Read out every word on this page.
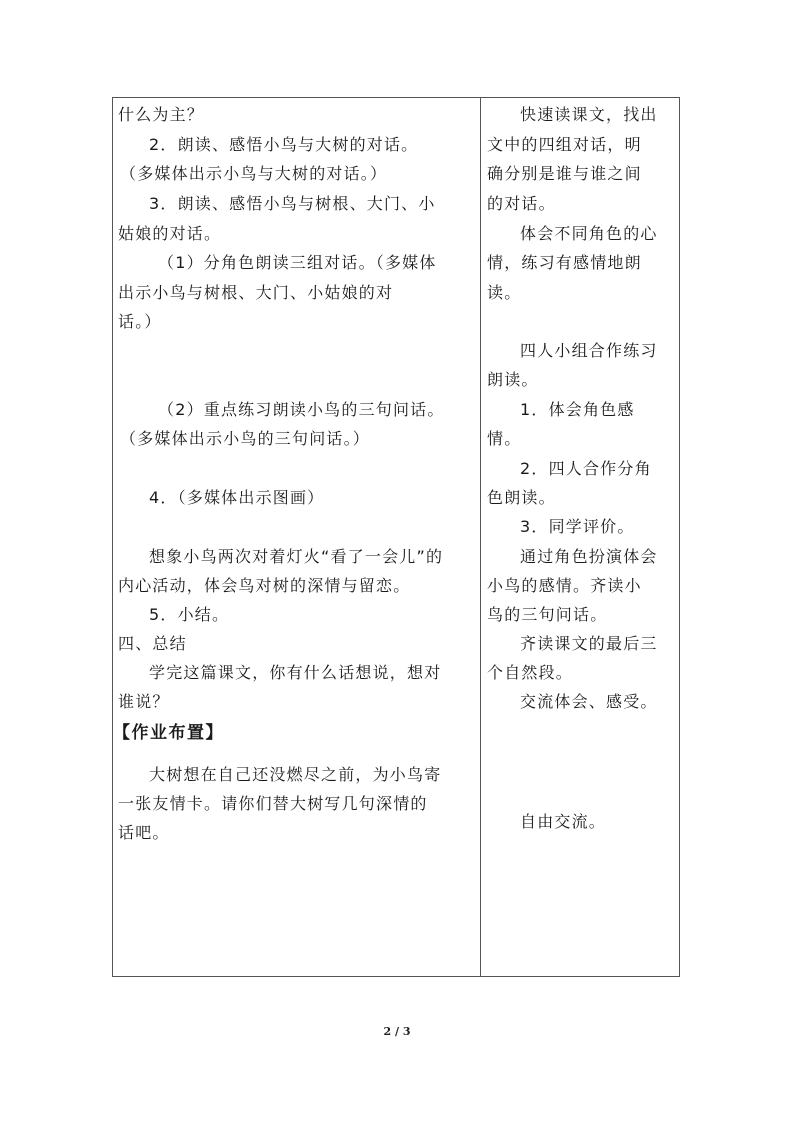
什么为主？
2．朗读、感悟小鸟与大树的对话。
（多媒体出示小鸟与大树的对话。）
3．朗读、感悟小鸟与树根、大门、小
姑娘的对话。
（1）分角色朗读三组对话。（多媒体
出示小鸟与树根、大门、小姑娘的对
话。）
（2）重点练习朗读小鸟的三句问话。
（多媒体出示小鸟的三句问话。）
4．（多媒体出示图画）
想象小鸟两次对着灯火“看了一会儿”的
内心活动，体会鸟对树的深情与留恋。
5．小结。
四、总结
学完这篇课文，你有什么话想说，想对
谁说？
【作业布置】
大树想在自己还没燃尽之前，为小鸟寄
一张友情卡。请你们替大树写几句深情的
话吧。
快速读课文，找出
文中的四组对话，明
确分别是谁与谁之间
的对话。
体会不同角色的心
情，练习有感情地朗
读。
四人小组合作练习
朗读。
1．体会角色感
情。
2．四人合作分角
色朗读。
3．同学评价。
通过角色扮演体会
小鸟的感情。齐读小
鸟的三句问话。
齐读课文的最后三
个自然段。
交流体会、感受。
自由交流。
2 / 3
